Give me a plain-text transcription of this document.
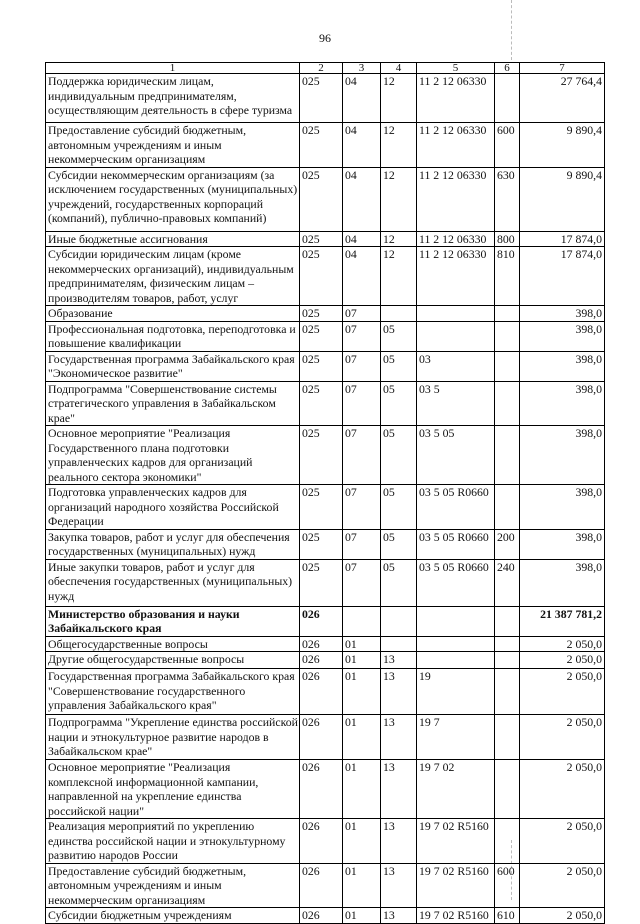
96
1	2	3	4	5	6	7
Поддержка юридическим лицам, индивидуальным предпринимателям, осуществляющим деятельность в сфере туризма	025	04	12	11 2 12 06330		27 764,4
Предоставление субсидий бюджетным, автономным учреждениям и иным некоммерческим организациям	025	04	12	11 2 12 06330	600	9 890,4
Субсидии некоммерческим организациям (за исключением государственных (муниципальных) учреждений, государственных корпораций (компаний), публично-правовых компаний)	025	04	12	11 2 12 06330	630	9 890,4
Иные бюджетные ассигнования	025	04	12	11 2 12 06330	800	17 874,0
Субсидии юридическим лицам (кроме некоммерческих организаций), индивидуальным предпринимателям, физическим лицам – производителям товаров, работ, услуг	025	04	12	11 2 12 06330	810	17 874,0
Образование	025	07				398,0
Профессиональная подготовка, переподготовка и повышение квалификации	025	07	05			398,0
Государственная программа Забайкальского края "Экономическое развитие"	025	07	05	03		398,0
Подпрограмма "Совершенствование системы стратегического управления в Забайкальском крае"	025	07	05	03 5		398,0
Основное мероприятие "Реализация Государственного плана подготовки управленческих кадров для организаций реального сектора экономики"	025	07	05	03 5 05		398,0
Подготовка управленческих кадров для организаций народного хозяйства Российской Федерации	025	07	05	03 5 05 R0660		398,0
Закупка товаров, работ и услуг для обеспечения государственных (муниципальных) нужд	025	07	05	03 5 05 R0660	200	398,0
Иные закупки товаров, работ и услуг для обеспечения государственных (муниципальных) нужд	025	07	05	03 5 05 R0660	240	398,0
Министерство образования и науки Забайкальского края	026					21 387 781,2
Общегосударственные вопросы	026	01				2 050,0
Другие общегосударственные вопросы	026	01	13			2 050,0
Государственная программа Забайкальского края "Совершенствование государственного управления Забайкальского края"	026	01	13	19		2 050,0
Подпрограмма "Укрепление единства российской нации и этнокультурное развитие народов в Забайкальском крае"	026	01	13	19 7		2 050,0
Основное мероприятие "Реализация комплексной информационной кампании, направленной на укрепление единства российской нации"	026	01	13	19 7 02		2 050,0
Реализация мероприятий по укреплению единства российской нации и этнокультурному развитию народов России	026	01	13	19 7 02 R5160		2 050,0
Предоставление субсидий бюджетным, автономным учреждениям и иным некоммерческим организациям	026	01	13	19 7 02 R5160	600	2 050,0
Субсидии бюджетным учреждениям	026	01	13	19 7 02 R5160	610	2 050,0
